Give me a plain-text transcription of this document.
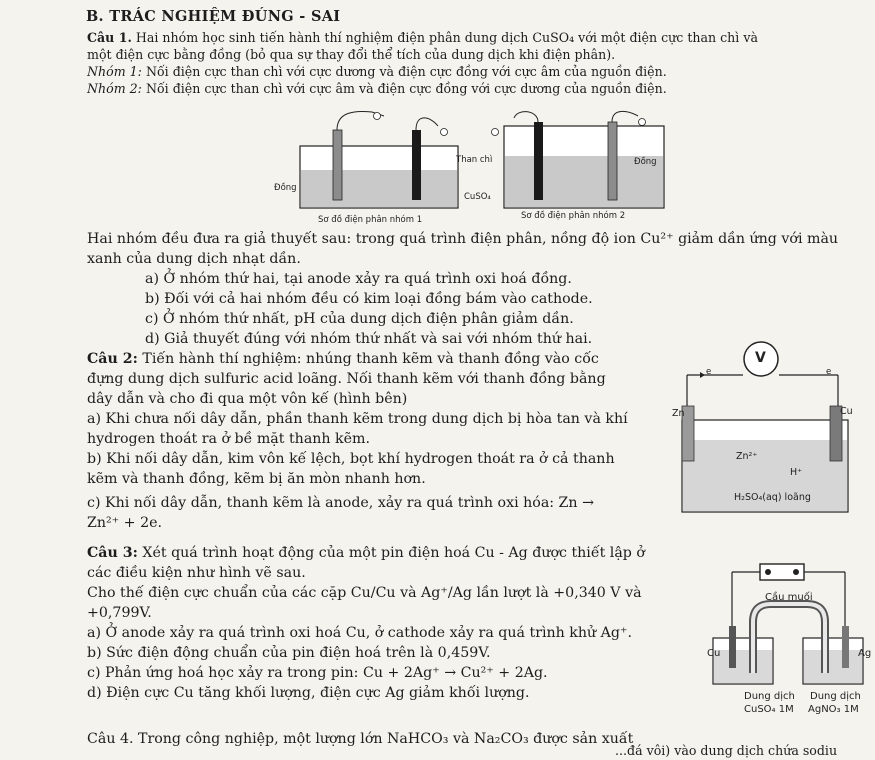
B. TRÁC NGHIỆM ĐÚNG - SAI
Câu 1. Hai nhóm học sinh tiến hành thí nghiệm điện phân dung dịch CuSO₄ với một điện cực than chì và
một điện cực bằng đồng (bỏ qua sự thay đổi thể tích của dung dịch khi điện phân).
Nhóm 1: Nối điện cực than chì với cực dương và điện cực đồng với cực âm của nguồn điện.
Nhóm 2: Nối điện cực than chì với cực âm và điện cực đồng với cực dương của nguồn điện.
Đồng
Sơ đồ điện phân nhóm 1
Than chì
CuSO₄
Đồng
Sơ đồ điện phân nhóm 2
Hai nhóm đều đưa ra giả thuyết sau: trong quá trình điện phân, nồng độ ion Cu²⁺ giảm dần ứng với màu
xanh của dung dịch nhạt dần.
a) Ở nhóm thứ hai, tại anode xảy ra quá trình oxi hoá đồng.
b) Đối với cả hai nhóm đều có kim loại đồng bám vào cathode.
c) Ở nhóm thứ nhất, pH của dung dịch điện phân giảm dần.
d) Giả thuyết đúng với nhóm thứ nhất và sai với nhóm thứ hai.
Câu 2: Tiến hành thí nghiệm: nhúng thanh kẽm và thanh đồng vào cốc
đựng dung dịch sulfuric acid loãng. Nối thanh kẽm với thanh đồng bằng
dây dẫn và cho đi qua một vôn kế (hình bên)
a) Khi chưa nối dây dẫn, phần thanh kẽm trong dung dịch bị hòa tan và khí
hydrogen thoát ra ở bề mặt thanh kẽm.
b) Khi nối dây dẫn, kim vôn kế lệch, bọt khí hydrogen thoát ra ở cả thanh
kẽm và thanh đồng, kẽm bị ăn mòn nhanh hơn.
c) Khi nối dây dẫn, thanh kẽm là anode, xảy ra quá trình oxi hóa: Zn →
Zn²⁺ + 2e.
V
e	e
Zn	Cu
Zn²⁺
H⁺
H₂SO₄(aq) loãng
Câu 3: Xét quá trình hoạt động của một pin điện hoá Cu - Ag được thiết lập ở
các điều kiện như hình vẽ sau.
Cho thế điện cực chuẩn của các cặp Cu/Cu và Ag⁺/Ag lần lượt là +0,340 V và
+0,799V.
a) Ở anode xảy ra quá trình oxi hoá Cu, ở cathode xảy ra quá trình khử Ag⁺.
b) Sức điện động chuẩn của pin điện hoá trên là 0,459V.
c) Phản ứng hoá học xảy ra trong pin: Cu + 2Ag⁺ → Cu²⁺ + 2Ag.
d) Điện cực Cu tăng khối lượng, điện cực Ag giảm khối lượng.
Cầu muối
Cu	Ag
Dung dịch
CuSO₄ 1M
Dung dịch
AgNO₃ 1M
Câu 4. Trong công nghiệp, một lượng lớn NaHCO₃ và Na₂CO₃ được sản xuất
...đá vôi) vào dung dịch chứa sodiu
